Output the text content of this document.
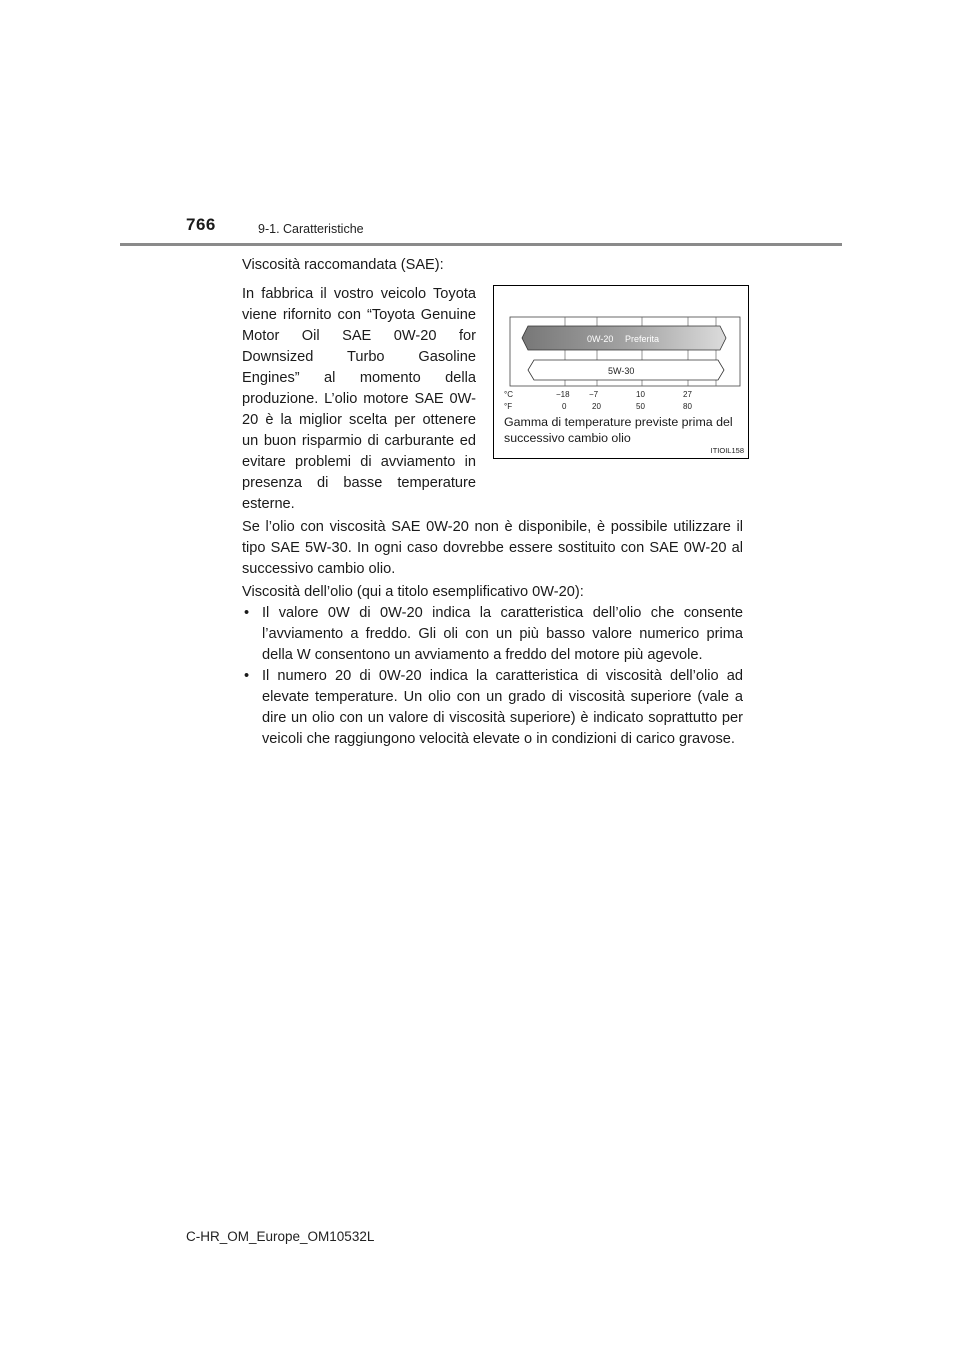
766	9-1. Caratteristiche

Viscosità raccomandata (SAE):

In fabbrica il vostro veicolo Toyota viene rifornito con “Toyota Genuine Motor Oil SAE 0W-20 for Downsized Turbo Gasoline Engines” al momento della produzione. L’olio motore SAE 0W-20 è la miglior scelta per ottenere un buon risparmio di carburante ed evitare problemi di avviamento in presenza di basse temperature esterne.

0W-20 Preferita
5W-30
°C
°F
−18 −7	10	27
0	20	50	80
Gamma di temperature previste prima del successivo cambio olio
ITIOIL158

Se l’olio con viscosità SAE 0W-20 non è disponibile, è possibile utilizzare il tipo SAE 5W-30. In ogni caso dovrebbe essere sostituito con SAE 0W-20 al successivo cambio olio.

Viscosità dell’olio (qui a titolo esemplificativo 0W-20):

• Il valore 0W di 0W-20 indica la caratteristica dell’olio che consente l’avviamento a freddo. Gli oli con un più basso valore numerico prima della W consentono un avviamento a freddo del motore più agevole.
• Il numero 20 di 0W-20 indica la caratteristica di viscosità dell’olio ad elevate temperature. Un olio con un grado di viscosità superiore (vale a dire un olio con un valore di viscosità superiore) è indicato soprattutto per veicoli che raggiungono velocità elevate o in condizioni di carico gravose.
C-HR_OM_Europe_OM10532L
